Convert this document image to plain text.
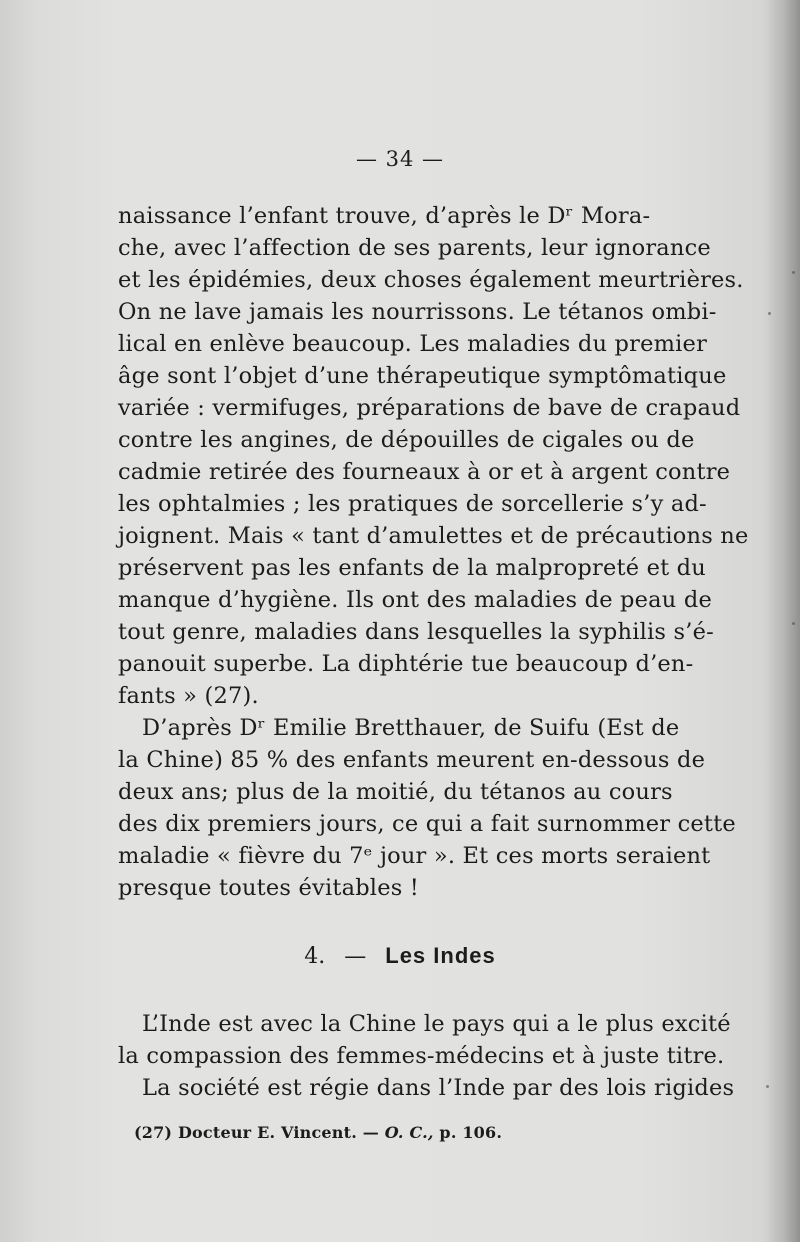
— 34 —
naissance l’enfant trouve, d’après le Dʳ Mora-
che, avec l’affection de ses parents, leur ignorance
et les épidémies, deux choses également meurtrières.
On ne lave jamais les nourrissons. Le tétanos ombi-
lical en enlève beaucoup. Les maladies du premier
âge sont l’objet d’une thérapeutique symptômatique
variée : vermifuges, préparations de bave de crapaud
contre les angines, de dépouilles de cigales ou de
cadmie retirée des fourneaux à or et à argent contre
les ophtalmies ; les pratiques de sorcellerie s’y ad-
joignent. Mais « tant d’amulettes et de précautions ne
préservent pas les enfants de la malpropreté et du
manque d’hygiène. Ils ont des maladies de peau de
tout genre, maladies dans lesquelles la syphilis s’é-
panouit superbe. La diphtérie tue beaucoup d’en-
fants » (27).
D’après Dʳ Emilie Bretthauer, de Suifu (Est de
la Chine) 85 % des enfants meurent en-dessous de
deux ans; plus de la moitié, du tétanos au cours
des dix premiers jours, ce qui a fait surnommer cette
maladie « fièvre du 7ᵉ jour ». Et ces morts seraient
presque toutes évitables !
4. — Les Indes
L’Inde est avec la Chine le pays qui a le plus excité
la compassion des femmes-médecins et à juste titre.
La société est régie dans l’Inde par des lois rigides
(27) Docteur E. Vincent. — O. C., p. 106.
